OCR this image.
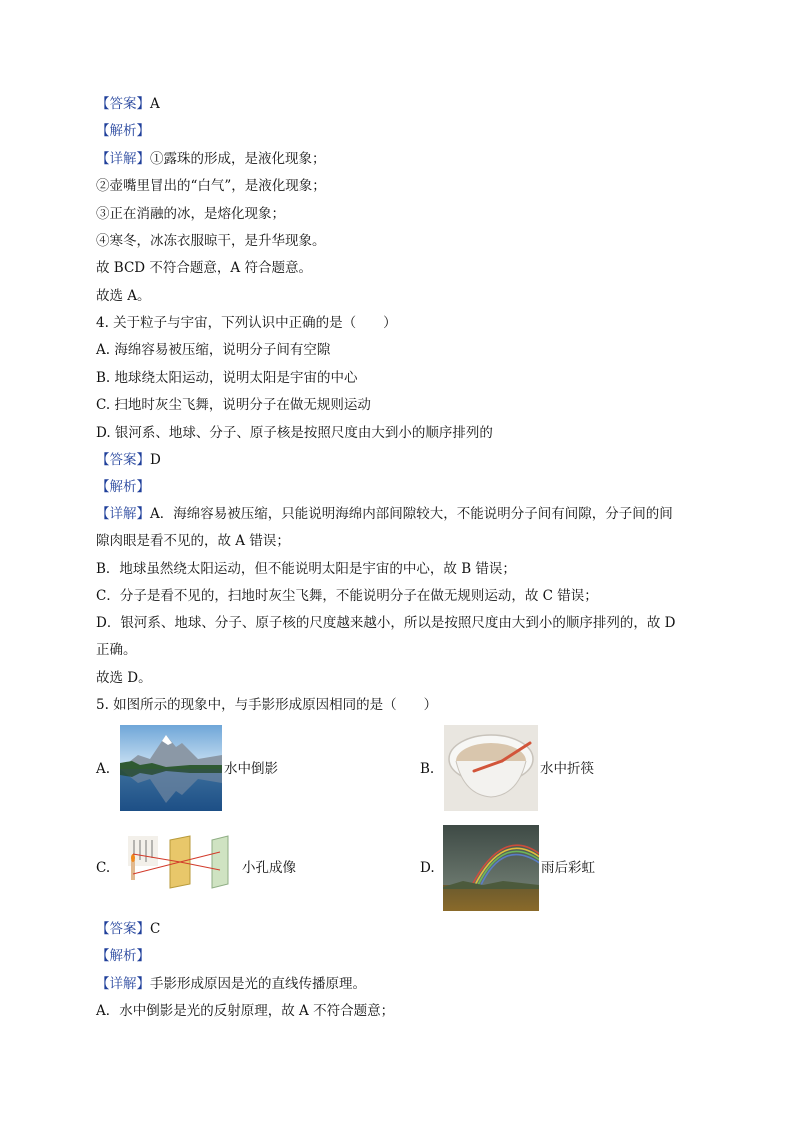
【答案】A
【解析】
【详解】①露珠的形成，是液化现象；
②壶嘴里冒出的“白气”，是液化现象；
③正在消融的冰，是熔化现象；
④寒冬，冰冻衣服晾干，是升华现象。
故 BCD 不符合题意，A 符合题意。
故选 A。
4. 关于粒子与宇宙，下列认识中正确的是（　　）
A. 海绵容易被压缩，说明分子间有空隙
B. 地球绕太阳运动，说明太阳是宇宙的中心
C. 扫地时灰尘飞舞，说明分子在做无规则运动
D. 银河系、地球、分子、原子核是按照尺度由大到小的顺序排列的
【答案】D
【解析】
【详解】A．海绵容易被压缩，只能说明海绵内部间隙较大，不能说明分子间有间隙，分子间的间
隙肉眼是看不见的，故 A 错误；
B．地球虽然绕太阳运动，但不能说明太阳是宇宙的中心，故 B 错误；
C．分子是看不见的，扫地时灰尘飞舞，不能说明分子在做无规则运动，故 C 错误；
D．银河系、地球、分子、原子核的尺度越来越小，所以是按照尺度由大到小的顺序排列的，故 D
正确。
故选 D。
5. 如图所示的现象中，与手影形成原因相同的是（　　）
A.	水中倒影	B.	水中折筷
C.	小孔成像	D.	雨后彩虹
【答案】C
【解析】
【详解】手影形成原因是光的直线传播原理。
A．水中倒影是光的反射原理，故 A 不符合题意；
